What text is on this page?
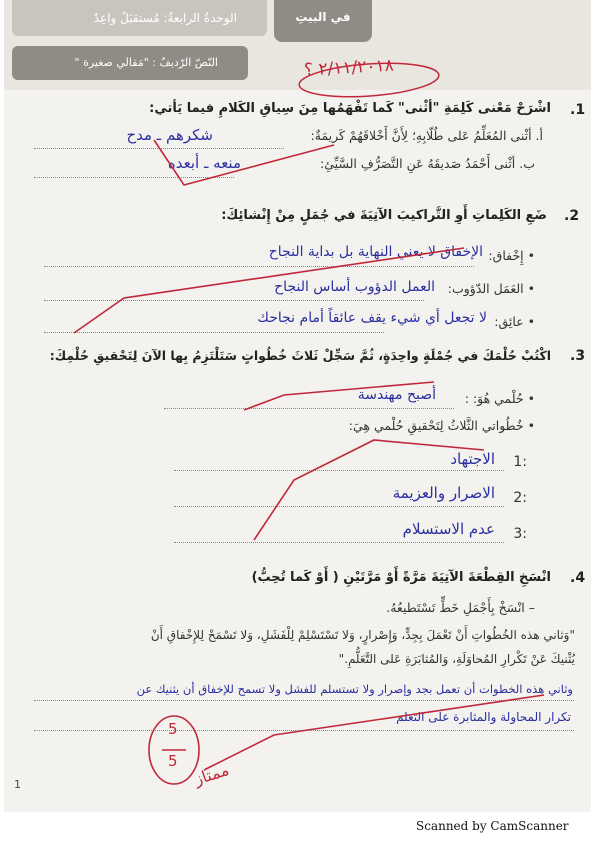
في البيتِ
الوحدةُ الرابعةُ: مُستقبَلٌ واعِدٌ
النّصّ الرّديفُ : "مَقالي صغيرة "	٢/١١/٢٠١٨ ؟
.1
اشْرَحْ مَعْنى كَلِمَةِ "أثْنى" كَما تَفْهَمُها مِنَ سِياقِ الكَلامِ فيما يَأتي:
أ. أثْنى المُعَلِّمُ عَلى طُلّابِهِ؛ لِأَنَّ أَخْلاقَهُمْ كَريمَةٌ:
شكرهم ـ مدح
ب. أثْنى أَحْمَدُ صَديقَهُ عَنِ التَّصَرُّفِ السَّيِّئِ:
منعه ـ أبعده
.2
ضَعِ الكَلِماتِ أَوِ التَّراكيبَ الآتِيَةَ في جُمَلٍ مِنْ إِنْشائِكَ:
• إِخْفاق:
الإخفاق لا يعني النهاية بل بداية النجاح
• العَمَل الدّؤوب:
العمل الدؤوب أساس النجاح
• عائِق:
لا تجعل أي شيء يقف عائقاً أمام نجاحك
.3
اكْتُبْ حُلْمَكَ في جُمْلَةٍ واحِدَةٍ، ثُمَّ سَجِّلْ ثَلاثَ خُطُواتٍ سَتَلْتَزِمُ بِها الآنَ لِتَحْقيقِ حُلْمِكَ:
• حُلْمي هُوَ: :
أصبح مهندسة
• خُطُواتي الثَّلاثُ لِتَحْقيقِ حُلْمي هِيَ:
:1
الاجتهاد
:2
الاصرار والعزيمة
:3
عدم الاستسلام
.4
انْسَخِ القِطْعَةَ الآتِيَةَ مَرَّةً أَوْ مَرَّتَيْنِ ( أَوْ كَما تُحِبُّ)
– انْسَخْ بِأَجْمَلِ خَطٍّ تَسْتَطيعُهُ.
"وَثاني هذه الخُطُواتِ أَنْ تَعْمَلَ بِجِدٍّ، وَإِصْرارٍ، وَلا تَسْتَسْلِمْ لِلْفَشَلِ، وَلا تَسْمَحْ لِلإِخْفاقِ أَنْ
يُثْنيكَ عَنْ تَكْرارِ المُحاوَلَةِ، وَالمُثابَرَةِ عَلى التَّعَلُّمِ."
وثاني هذه الخطوات أن تعمل بجد وإصرار ولا تستسلم للفشل ولا تسمح للإخفاق أن يثنيك عن
تكرار المحاولة والمثابرة على التعلم
5
5 ممتاز
1
Scanned by CamScanner
